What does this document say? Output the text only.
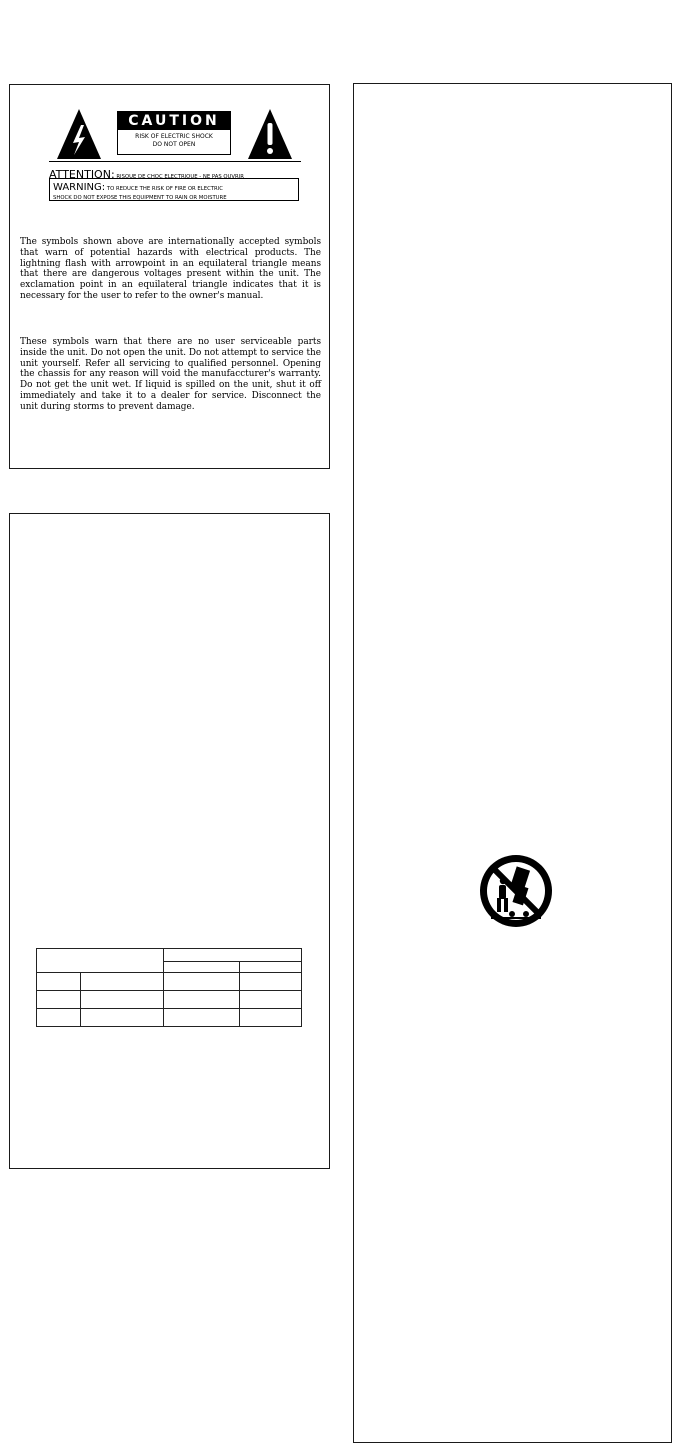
CAUTION
RISK OF ELECTRIC SHOCK
DO NOT OPEN
ATTENTION: RISQUE DE CHOC ELECTRIQUE - NE PAS OUVRIR
WARNING: TO REDUCE THE RISK OF FIRE OR ELECTRIC
SHOCK DO NOT EXPOSE THIS EQUIPMENT TO RAIN OR MOISTURE

The symbols shown above are internationally accepted symbols that warn of potential hazards with electrical products. The lightning flash with arrowpoint in an equilateral triangle means that there are dangerous voltages present within the unit. The exclamation point in an equilateral triangle indicates that it is necessary for the user to refer to the owner's manual.

These symbols warn that there are no user serviceable parts inside the unit. Do not open the unit. Do not attempt to service the unit yourself. Refer all servicing to qualified personnel. Opening the chassis for any reason will void the manufaccturer's warranty. Do not get the unit wet. If liquid is spilled on the unit, shut it off immediately and take it to a dealer for service. Disconnect the unit during storms to prevent damage.
